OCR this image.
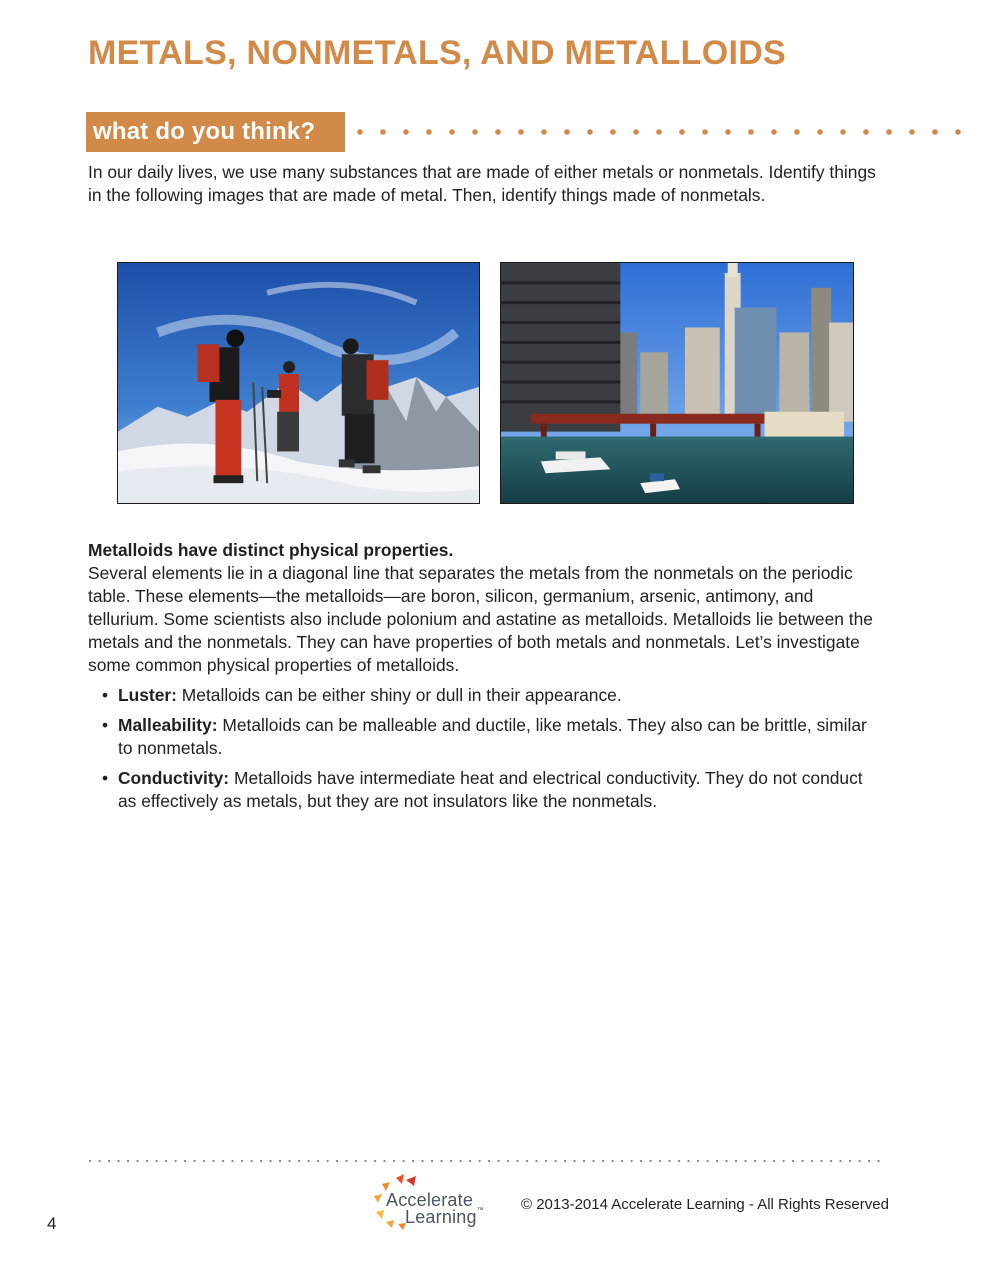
METALS, NONMETALS, AND METALLOIDS
what do you think?

In our daily lives, we use many substances that are made of either metals or nonmetals. Identify things in the following images that are made of metal. Then, identify things made of nonmetals.

Metalloids have distinct physical properties.

Several elements lie in a diagonal line that separates the metals from the nonmetals on the periodic table. These elements—the metalloids—are boron, silicon, germanium, arsenic, antimony, and tellurium. Some scientists also include polonium and astatine as metalloids. Metalloids lie between the metals and the nonmetals. They can have properties of both metals and nonmetals. Let’s investigate some common physical properties of metalloids.

• Luster: Metalloids can be either shiny or dull in their appearance.
• Malleability: Metalloids can be malleable and ductile, like metals. They also can be brittle, similar to nonmetals.
• Conductivity: Metalloids have intermediate heat and electrical conductivity. They do not conduct as effectively as metals, but they are not insulators like the nonmetals.
Accelerate
Learning™ © 2013-2014 Accelerate Learning - All Rights Reserved
4
